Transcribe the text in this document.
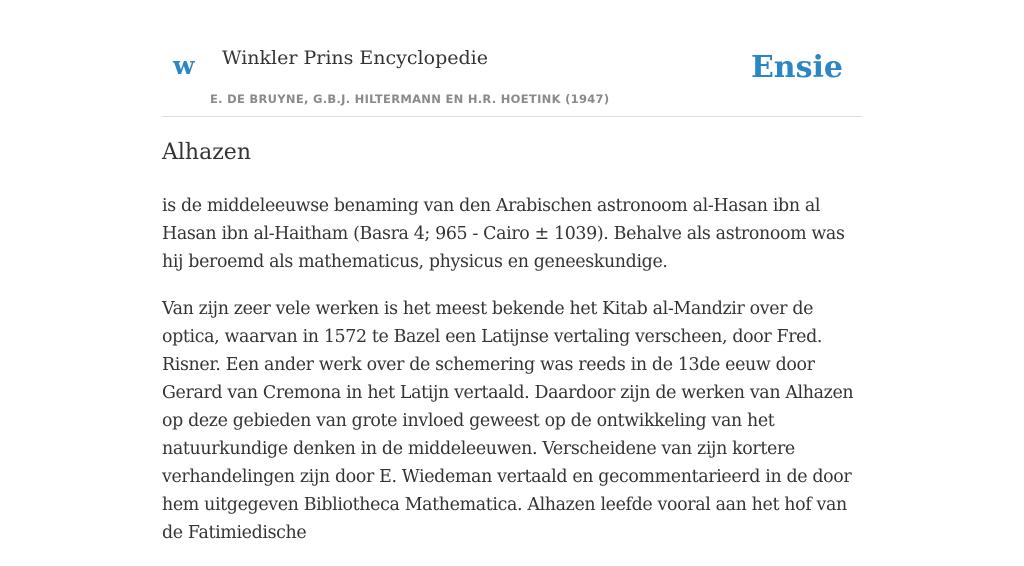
w Winkler Prins Encyclopedie
E. DE BRUYNE, G.B.J. HILTERMANN EN H.R. HOETINK (1947)
Ensie
Alhazen

is de middeleeuwse benaming van den Arabischen astronoom al-Hasan ibn al Hasan ibn al-Haitham (Basra 4; 965 - Cairo ± 1039). Behalve als astronoom was hij beroemd als mathematicus, physicus en geneeskundige.

Van zijn zeer vele werken is het meest bekende het Kitab al-Mandzir over de optica, waarvan in 1572 te Bazel een Latijnse vertaling verscheen, door Fred. Risner. Een ander werk over de schemering was reeds in de 13de eeuw door Gerard van Cremona in het Latijn vertaald. Daardoor zijn de werken van Alhazen op deze gebieden van grote invloed geweest op de ontwikkeling van het natuurkundige denken in de middeleeuwen. Verscheidene van zijn kortere verhandelingen zijn door E. Wiedeman vertaald en gecommentarieerd in de door hem uitgegeven Bibliotheca Mathematica. Alhazen leefde vooral aan het hof van de Fatimiedische
